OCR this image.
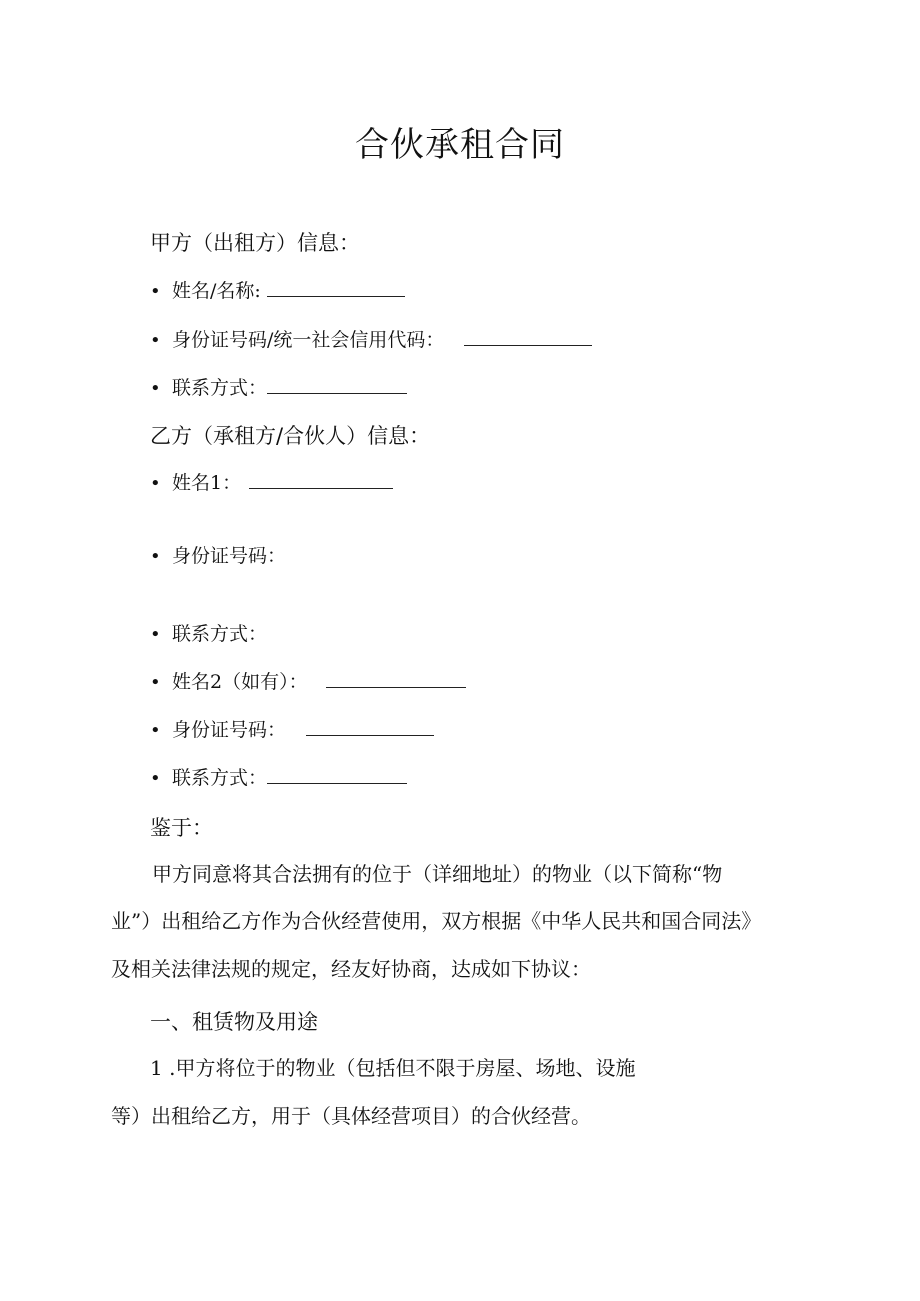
合伙承租合同
甲方（出租方）信息：
• 姓名/名称:
• 身份证号码/统一社会信用代码：
• 联系方式：
乙方（承租方/合伙人）信息：
• 姓名1：
• 身份证号码：
• 联系方式：
• 姓名2（如有）：
• 身份证号码：
• 联系方式：
鉴于：
甲方同意将其合法拥有的位于（详细地址）的物业（以下简称“物
业”）出租给乙方作为合伙经营使用，双方根据《中华人民共和国合同法》
及相关法律法规的规定，经友好协商，达成如下协议：
一、租赁物及用途
1 .甲方将位于的物业（包括但不限于房屋、场地、设施
等）出租给乙方，用于（具体经营项目）的合伙经营。
